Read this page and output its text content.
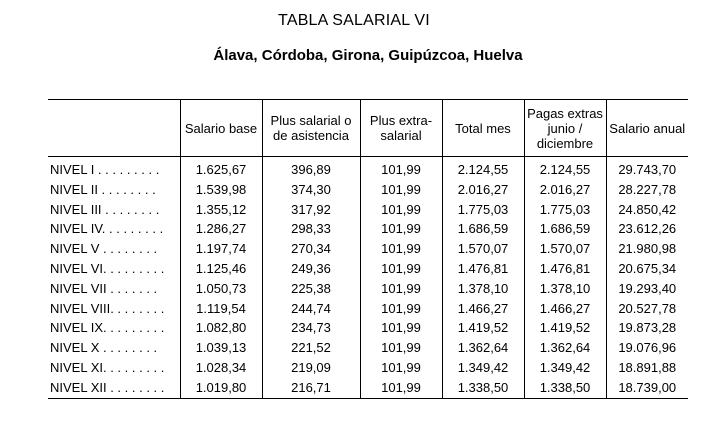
TABLA SALARIAL VI
Álava, Córdoba, Girona, Guipúzcoa, Huelva
	Salario base	Plus salarial o de asistencia	Plus extra-salarial	Total mes	Pagas extras junio / diciembre	Salario anual
NIVEL I . . . . . . . . .	1.625,67	396,89	101,99	2.124,55	2.124,55	29.743,70
NIVEL II . . . . . . . .	1.539,98	374,30	101,99	2.016,27	2.016,27	28.227,78
NIVEL III . . . . . . . .	1.355,12	317,92	101,99	1.775,03	1.775,03	24.850,42
NIVEL IV. . . . . . . . .	1.286,27	298,33	101,99	1.686,59	1.686,59	23.612,26
NIVEL V . . . . . . . .	1.197,74	270,34	101,99	1.570,07	1.570,07	21.980,98
NIVEL VI. . . . . . . . .	1.125,46	249,36	101,99	1.476,81	1.476,81	20.675,34
NIVEL VII . . . . . . .	1.050,73	225,38	101,99	1.378,10	1.378,10	19.293,40
NIVEL VIII. . . . . . . .	1.119,54	244,74	101,99	1.466,27	1.466,27	20.527,78
NIVEL IX. . . . . . . . .	1.082,80	234,73	101,99	1.419,52	1.419,52	19.873,28
NIVEL X . . . . . . . .	1.039,13	221,52	101,99	1.362,64	1.362,64	19.076,96
NIVEL XI. . . . . . . . .	1.028,34	219,09	101,99	1.349,42	1.349,42	18.891,88
NIVEL XII . . . . . . . .	1.019,80	216,71	101,99	1.338,50	1.338,50	18.739,00
